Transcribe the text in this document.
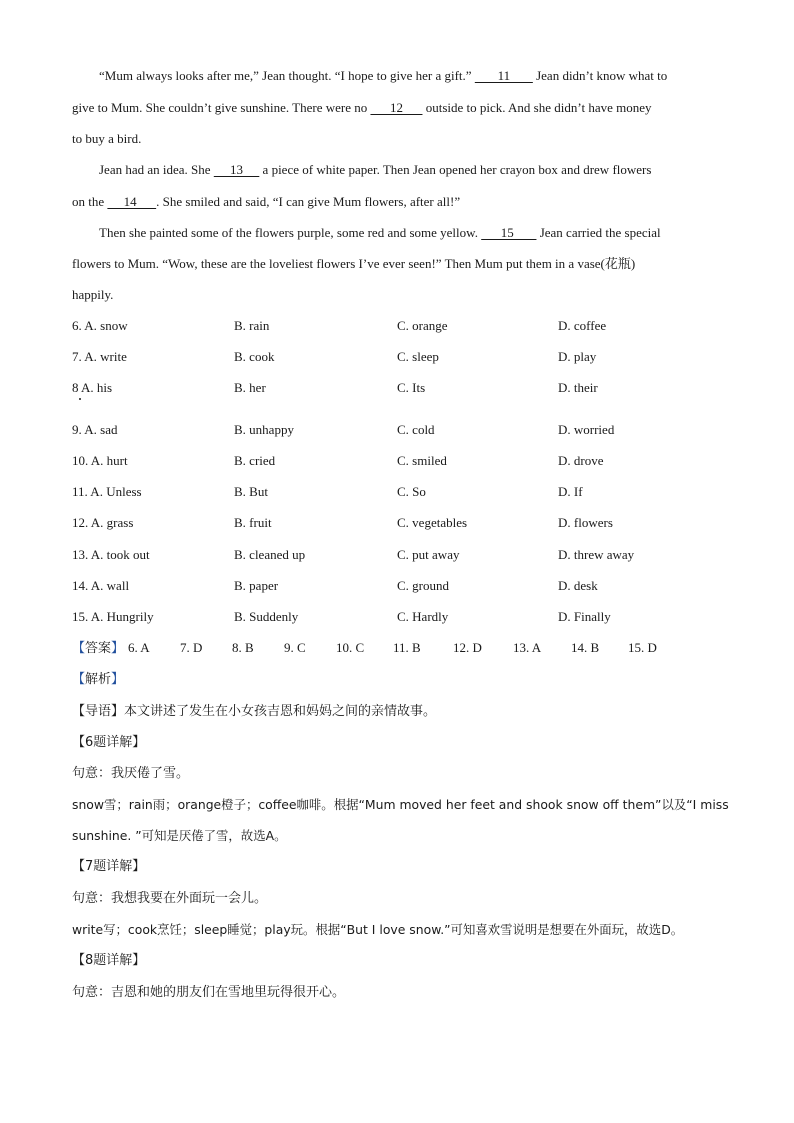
“Mum always looks after me,” Jean thought. “I hope to give her a gift.”        11        Jean didn’t know what to
give to Mum. She couldn’t give sunshine. There were no       12       outside to pick. And she didn’t have money
to buy a bird.
Jean had an idea. She      13      a piece of white paper. Then Jean opened her crayon box and drew flowers
on the      14      . She smiled and said, “I can give Mum flowers, after all!”
Then she painted some of the flowers purple, some red and some yellow.       15        Jean carried the special
flowers to Mum. “Wow, these are the loveliest flowers I’ve ever seen!” Then Mum put them in a vase(花瓶)
happily.
6. A. snow	B. rain	C. orange	D. coffee
7. A. write	B. cook	C. sleep	D. play
8 A. his	B. her	C. Its	D. their
9. A. sad	B. unhappy	C. cold	D. worried
10. A. hurt	B. cried	C. smiled	D. drove
11. A. Unless	B. But	C. So	D. If
12. A. grass	B. fruit	C. vegetables	D. flowers
13. A. took out	B. cleaned up	C. put away	D. threw away
14. A. wall	B. paper	C. ground	D. desk
15. A. Hungrily	B. Suddenly	C. Hardly	D. Finally
【答案】 6. A 7. D 8. B 9. C 10. C 11. B 12. D 13. A 14. B 15. D
【解析】
【导语】本文讲述了发生在小女孩吉恩和妈妈之间的亲情故事。
【6题详解】
句意：我厌倦了雪。
snow雪；rain雨；orange橙子；coffee咖啡。根据“Mum moved her feet and shook snow off them”以及“I miss
sunshine. ”可知是厌倦了雪，故选A。
【7题详解】
句意：我想我要在外面玩一会儿。
write写；cook烹饪；sleep睡觉；play玩。根据“But I love snow.”可知喜欢雪说明是想要在外面玩，故选D。
【8题详解】
句意：吉恩和她的朋友们在雪地里玩得很开心。
